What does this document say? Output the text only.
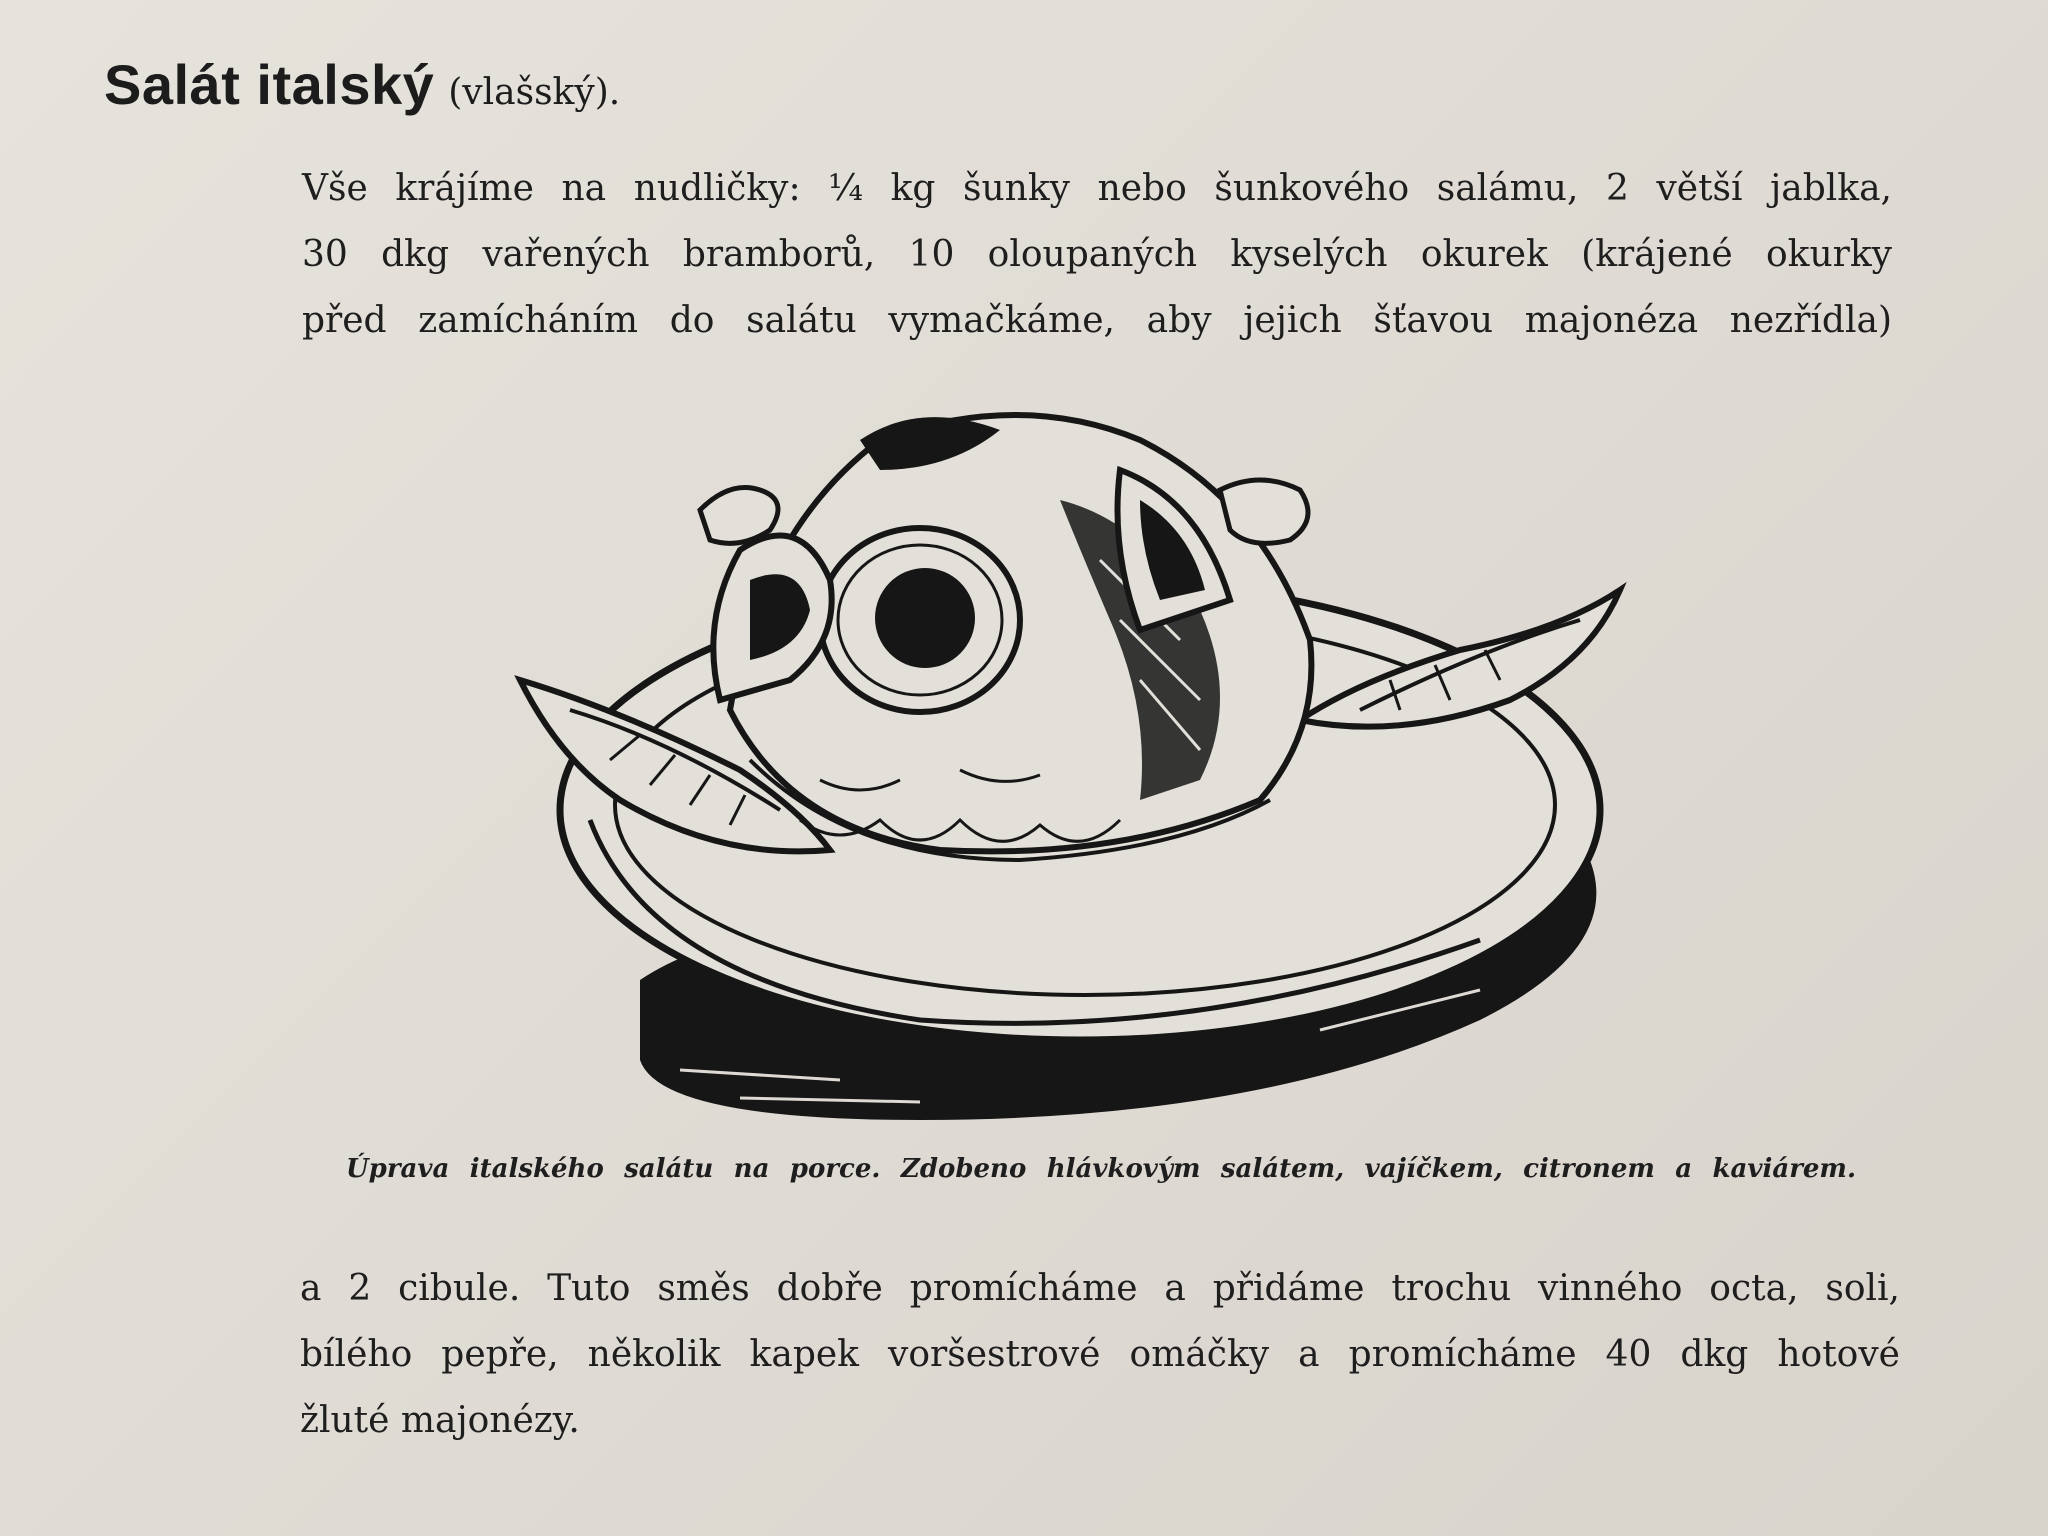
Salát italský (vlašský).
Vše krájíme na nudličky: ¼ kg šunky nebo šunkového salámu, 2 větší jablka,
30 dkg vařených bramborů, 10 oloupaných kyselých okurek (krájené okurky
před zamícháním do salátu vymačkáme, aby jejich šťavou majonéza nezřídla)
Úprava italského salátu na porce. Zdobeno hlávkovým salátem, vajíčkem, citronem a kaviárem.
a 2 cibule. Tuto směs dobře promícháme a přidáme trochu vinného octa, soli,
bílého pepře, několik kapek voršestrové omáčky a promícháme 40 dkg hotové
žluté majonézy.
